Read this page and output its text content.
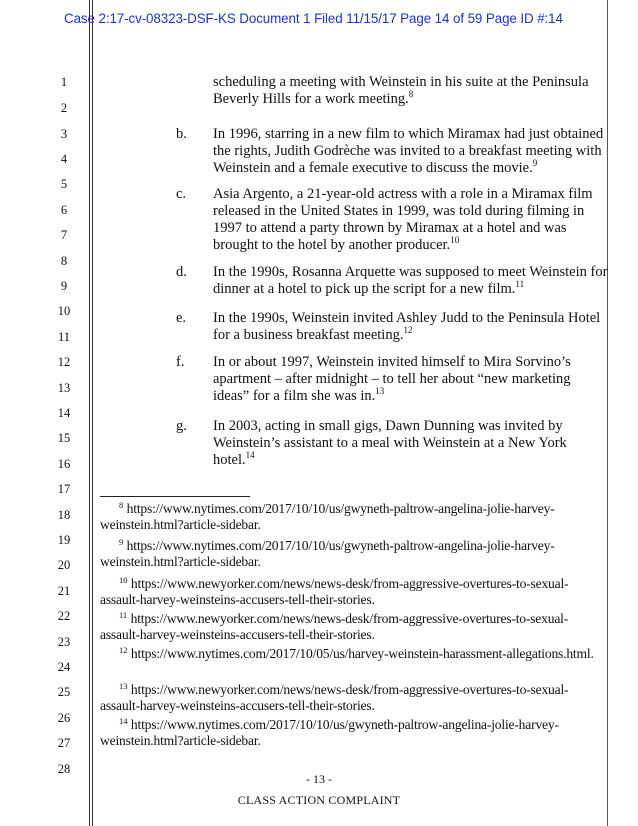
Case 2:17-cv-08323-DSF-KS Document 1 Filed 11/15/17 Page 14 of 59 Page ID #:14
1
2
3
4
5
6
7
8
9
10
11
12
13
14
15
16
17
18
19
20
21
22
23
24
25
26
27
28
scheduling a meeting with Weinstein in his suite at the Peninsula Beverly Hills for a work meeting.$^8$
b. In 1996, starring in a new film to which Miramax had just obtained the rights, Judith Godrèche was invited to a breakfast meeting with Weinstein and a female executive to discuss the movie.$^9$
c. Asia Argento, a 21-year-old actress with a role in a Miramax film released in the United States in 1999, was told during filming in 1997 to attend a party thrown by Miramax at a hotel and was brought to the hotel by another producer.$^{10}$
d. In the 1990s, Rosanna Arquette was supposed to meet Weinstein for dinner at a hotel to pick up the script for a new film.$^{11}$
e. In the 1990s, Weinstein invited Ashley Judd to the Peninsula Hotel for a business breakfast meeting.$^{12}$
f. In or about 1997, Weinstein invited himself to Mira Sorvino’s apartment – after midnight – to tell her about “new marketing ideas” for a film she was in.$^{13}$
g. In 2003, acting in small gigs, Dawn Dunning was invited by Weinstein’s assistant to a meal with Weinstein at a New York hotel.$^{14}$
$^8$ https://www.nytimes.com/2017/10/10/us/gwyneth-paltrow-angelina-jolie-harvey-weinstein.html?article-sidebar.
$^9$ https://www.nytimes.com/2017/10/10/us/gwyneth-paltrow-angelina-jolie-harvey-weinstein.html?article-sidebar.
$^{10}$ https://www.newyorker.com/news/news-desk/from-aggressive-overtures-to-sexual-assault-harvey-weinsteins-accusers-tell-their-stories.
$^{11}$ https://www.newyorker.com/news/news-desk/from-aggressive-overtures-to-sexual-assault-harvey-weinsteins-accusers-tell-their-stories.
$^{12}$ https://www.nytimes.com/2017/10/05/us/harvey-weinstein-harassment-allegations.html.
$^{13}$ https://www.newyorker.com/news/news-desk/from-aggressive-overtures-to-sexual-assault-harvey-weinsteins-accusers-tell-their-stories.
$^{14}$ https://www.nytimes.com/2017/10/10/us/gwyneth-paltrow-angelina-jolie-harvey-weinstein.html?article-sidebar.
- 13 -
CLASS ACTION COMPLAINT
